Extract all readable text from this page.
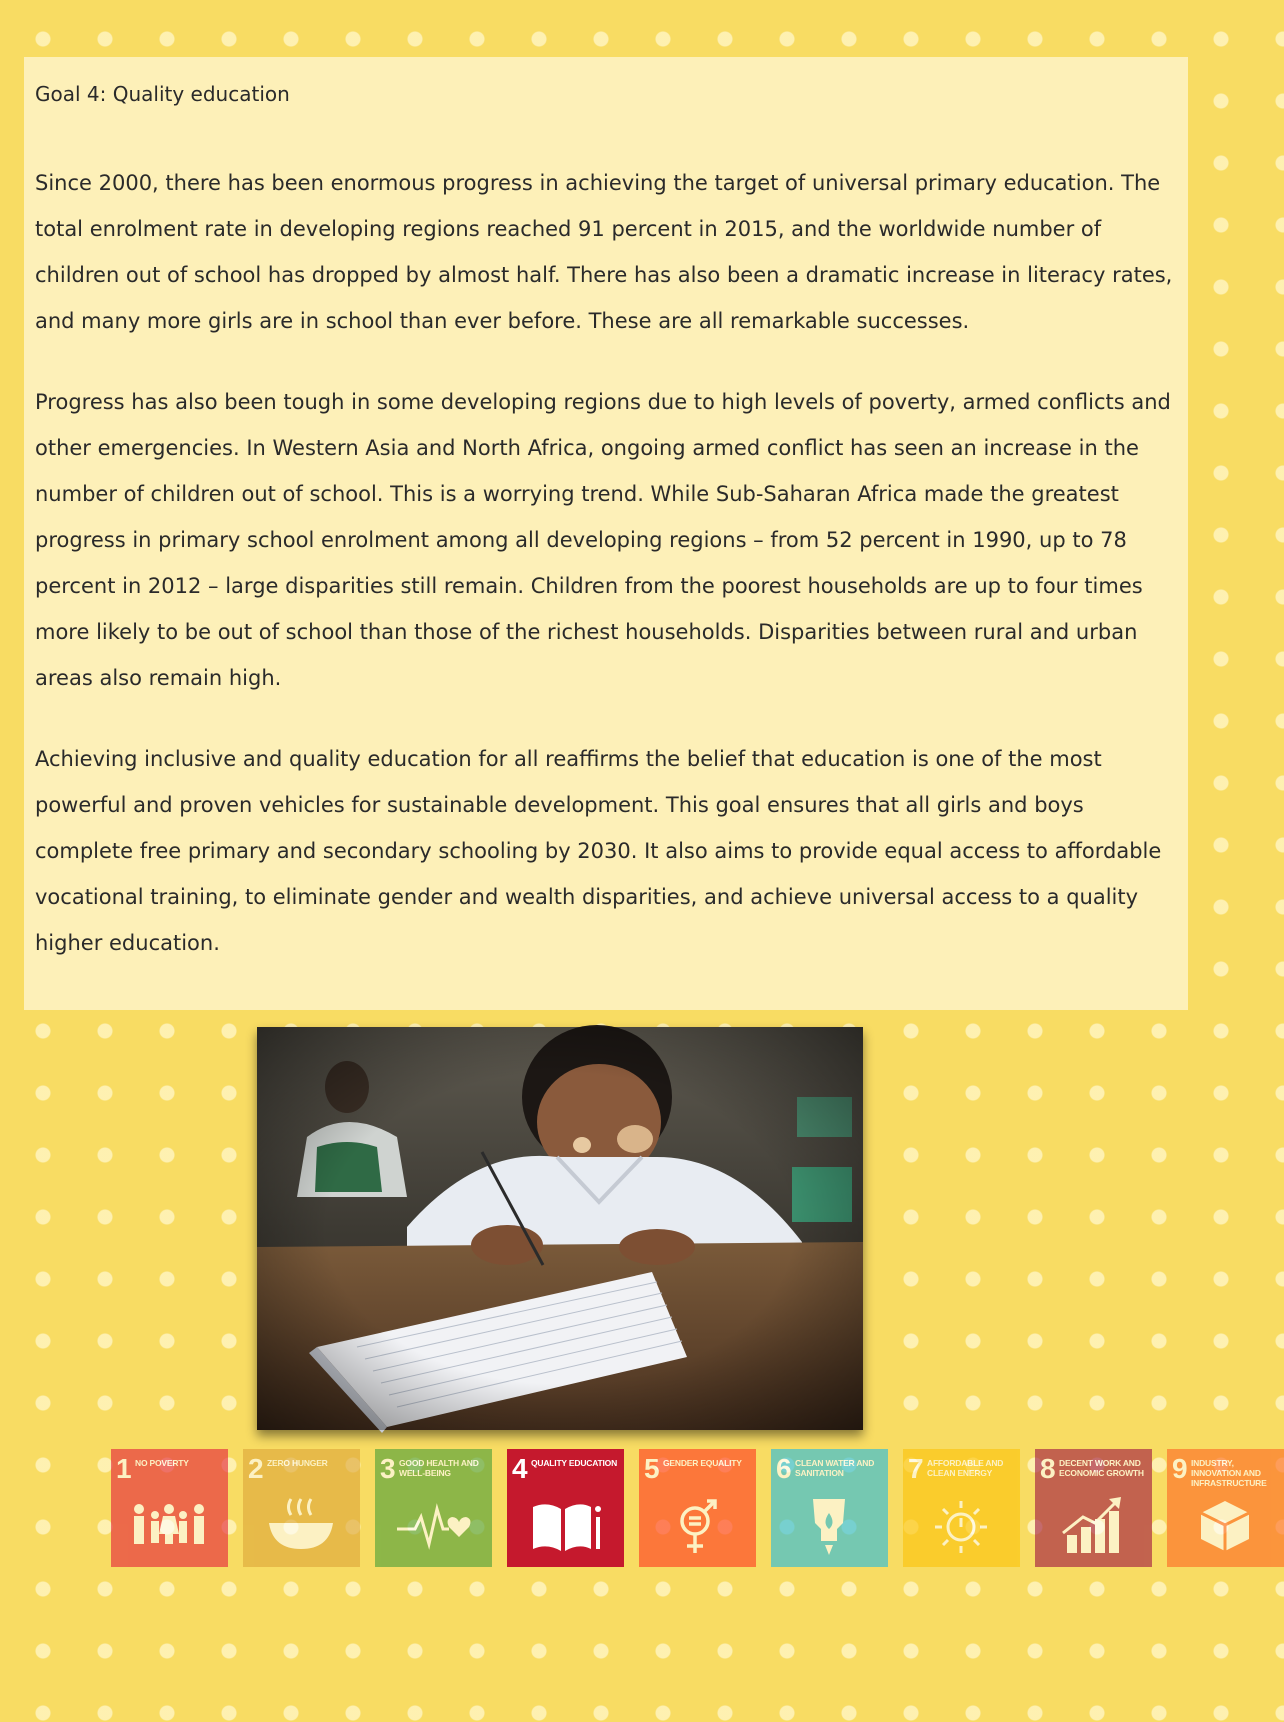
Goal 4: Quality education

Since 2000, there has been enormous progress in achieving the target of universal primary education. The total enrolment rate in developing regions reached 91 percent in 2015, and the worldwide number of children out of school has dropped by almost half. There has also been a dramatic increase in literacy rates, and many more girls are in school than ever before. These are all remarkable successes.

Progress has also been tough in some developing regions due to high levels of poverty, armed conflicts and other emergencies. In Western Asia and North Africa, ongoing armed conflict has seen an increase in the number of children out of school. This is a worrying trend. While Sub-Saharan Africa made the greatest progress in primary school enrolment among all developing regions – from 52 percent in 1990, up to 78 percent in 2012 – large disparities still remain. Children from the poorest households are up to four times more likely to be out of school than those of the richest households. Disparities between rural and urban areas also remain high.

Achieving inclusive and quality education for all reaffirms the belief that education is one of the most powerful and proven vehicles for sustainable development. This goal ensures that all girls and boys complete free primary and secondary schooling by 2030. It also aims to provide equal access to affordable vocational training, to eliminate gender and wealth disparities, and achieve universal access to a quality higher education.

1 NO POVERTY	2 ZERO HUNGER	3 GOOD HEALTH AND WELL-BEING	4 QUALITY EDUCATION 5 GENDER EQUALITY	6 CLEAN WATER AND SANITATION	7 AFFORDABLE AND CLEAN ENERGY	8 DECENT WORK AND ECONOMIC GROWTH 9 INDUSTRY, INNOVATION AND INFRASTRUCTURE
